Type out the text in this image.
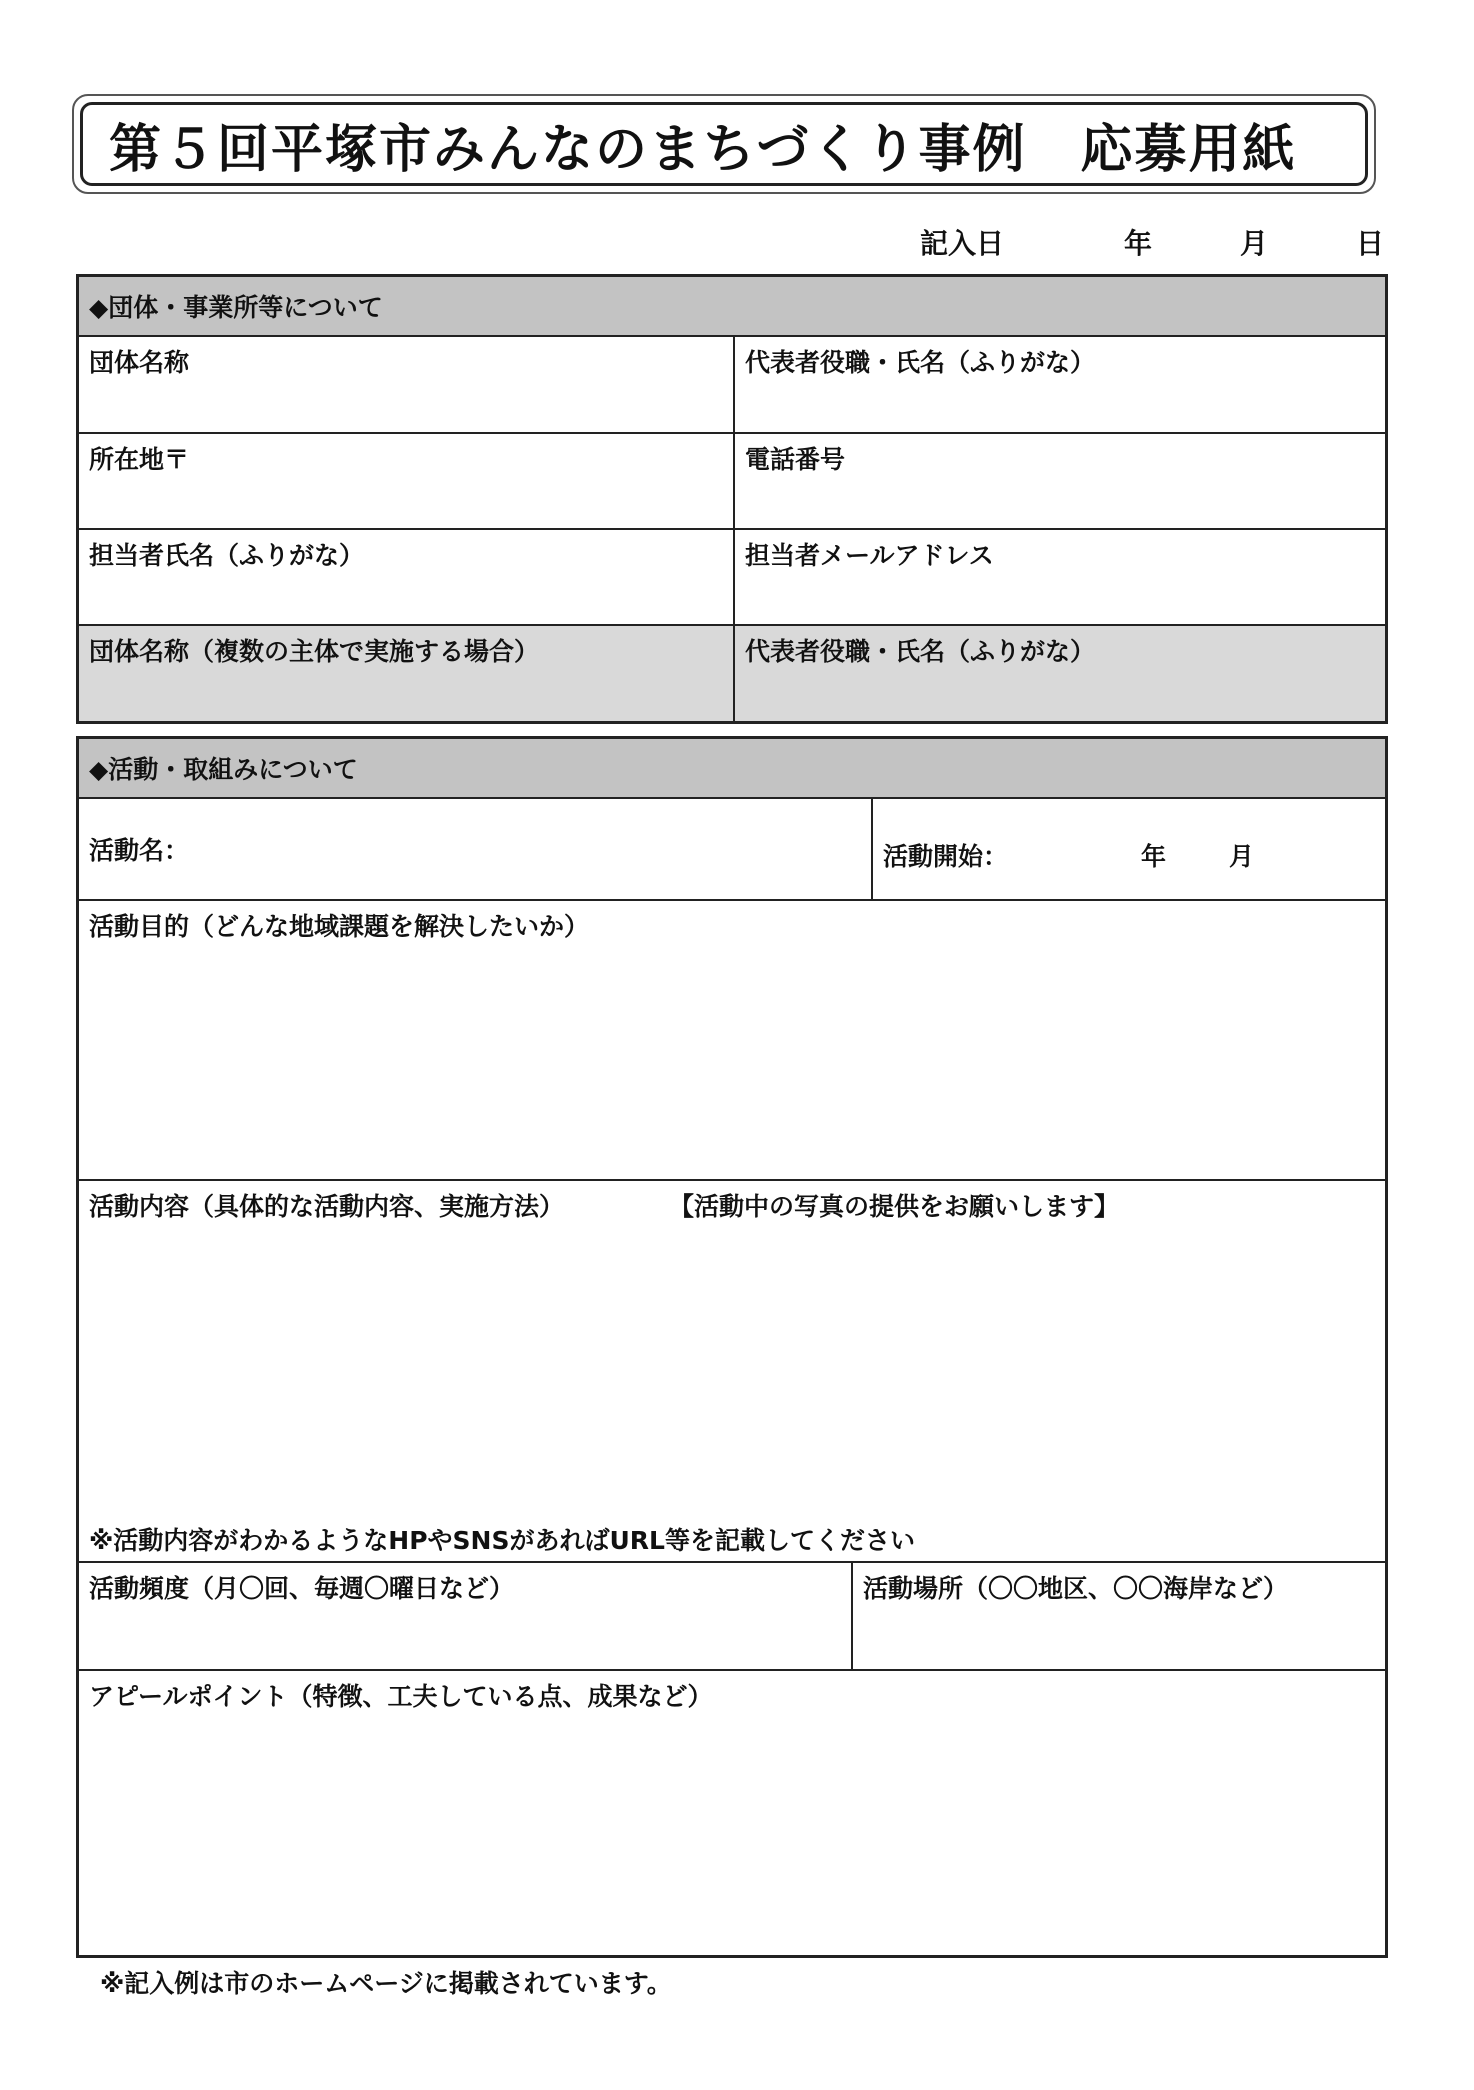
第５回平塚市みんなのまちづくり事例　応募用紙
記入日	年	月	日
◆団体・事業所等について
団体名称	代表者役職・氏名（ふりがな）
所在地〒	電話番号
担当者氏名（ふりがな）	担当者メールアドレス
団体名称（複数の主体で実施する場合）	代表者役職・氏名（ふりがな）
◆活動・取組みについて
活動名：	活動開始：	年	月
活動目的（どんな地域課題を解決したいか）
活動内容（具体的な活動内容、実施方法）	【活動中の写真の提供をお願いします】
※活動内容がわかるようなHPやSNSがあればURL等を記載してください
活動頻度（月〇回、毎週〇曜日など）	活動場所（〇〇地区、〇〇海岸など）
アピールポイント（特徴、工夫している点、成果など）
※記入例は市のホームページに掲載されています。
